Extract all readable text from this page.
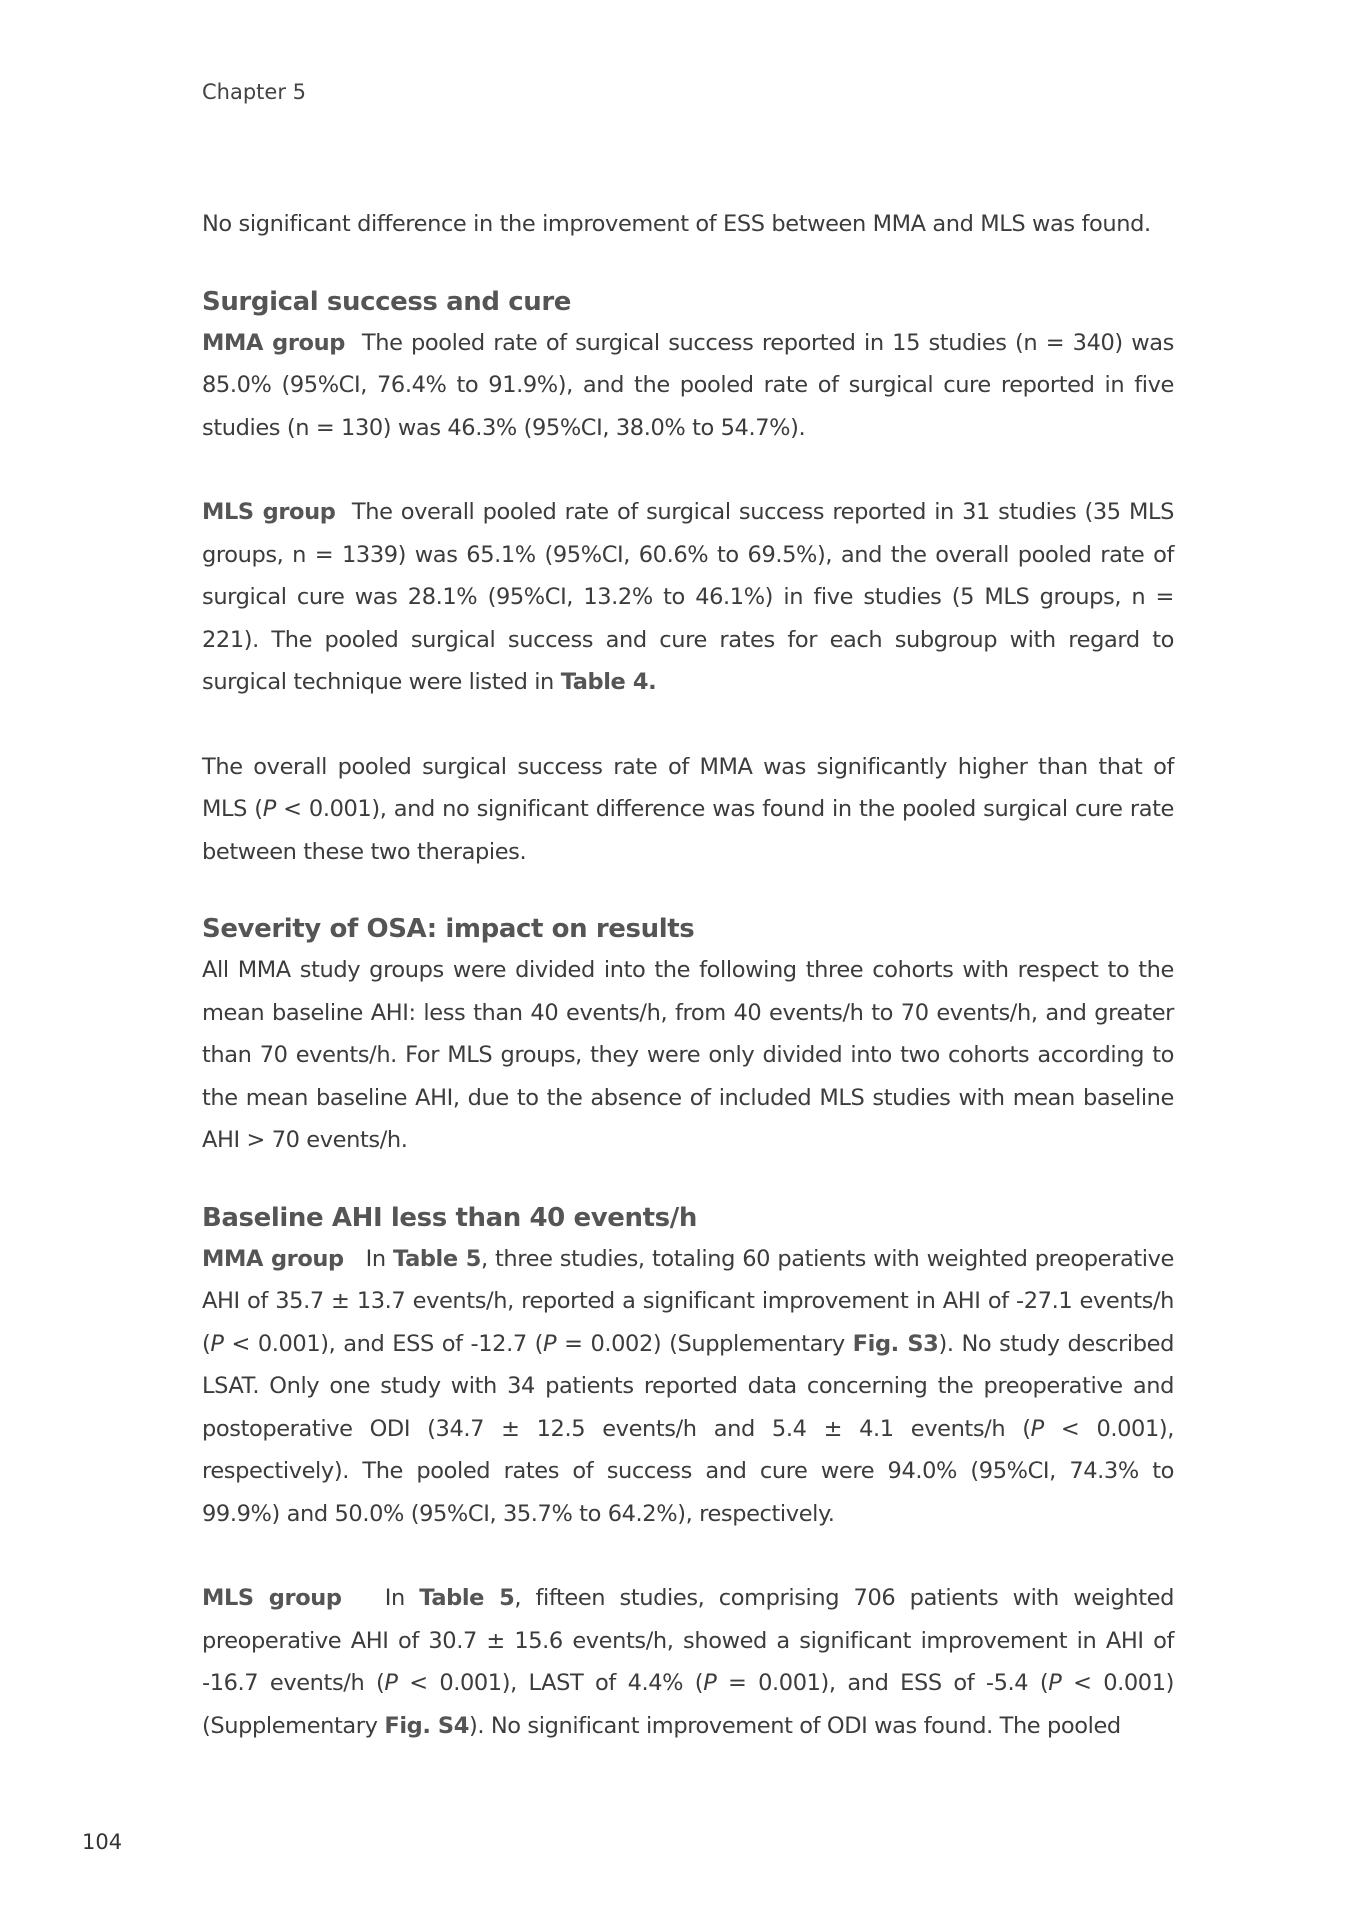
Chapter 5

No significant difference in the improvement of ESS between MMA and MLS was found.

Surgical success and cure

MMA group The pooled rate of surgical success reported in 15 studies (n = 340) was 85.0% (95%CI, 76.4% to 91.9%), and the pooled rate of surgical cure reported in five studies (n = 130) was 46.3% (95%CI, 38.0% to 54.7%).

MLS group The overall pooled rate of surgical success reported in 31 studies (35 MLS groups, n = 1339) was 65.1% (95%CI, 60.6% to 69.5%), and the overall pooled rate of surgical cure was 28.1% (95%CI, 13.2% to 46.1%) in five studies (5 MLS groups, n = 221). The pooled surgical success and cure rates for each subgroup with regard to surgical technique were listed in Table 4.

The overall pooled surgical success rate of MMA was significantly higher than that of MLS (P < 0.001), and no significant difference was found in the pooled surgical cure rate between these two therapies.

Severity of OSA: impact on results

All MMA study groups were divided into the following three cohorts with respect to the mean baseline AHI: less than 40 events/h, from 40 events/h to 70 events/h, and greater than 70 events/h. For MLS groups, they were only divided into two cohorts according to the mean baseline AHI, due to the absence of included MLS studies with mean baseline AHI > 70 events/h.

Baseline AHI less than 40 events/h

MMA group In Table 5, three studies, totaling 60 patients with weighted preoperative AHI of 35.7 ± 13.7 events/h, reported a significant improvement in AHI of -27.1 events/h (P < 0.001), and ESS of -12.7 (P = 0.002) (Supplementary Fig. S3). No study described LSAT. Only one study with 34 patients reported data concerning the preoperative and postoperative ODI (34.7 ± 12.5 events/h and 5.4 ± 4.1 events/h (P < 0.001), respectively). The pooled rates of success and cure were 94.0% (95%CI, 74.3% to 99.9%) and 50.0% (95%CI, 35.7% to 64.2%), respectively.

MLS group In Table 5, fifteen studies, comprising 706 patients with weighted preoperative AHI of 30.7 ± 15.6 events/h, showed a significant improvement in AHI of -16.7 events/h (P < 0.001), LAST of 4.4% (P = 0.001), and ESS of -5.4 (P < 0.001) (Supplementary Fig. S4). No significant improvement of ODI was found. The pooled

104
